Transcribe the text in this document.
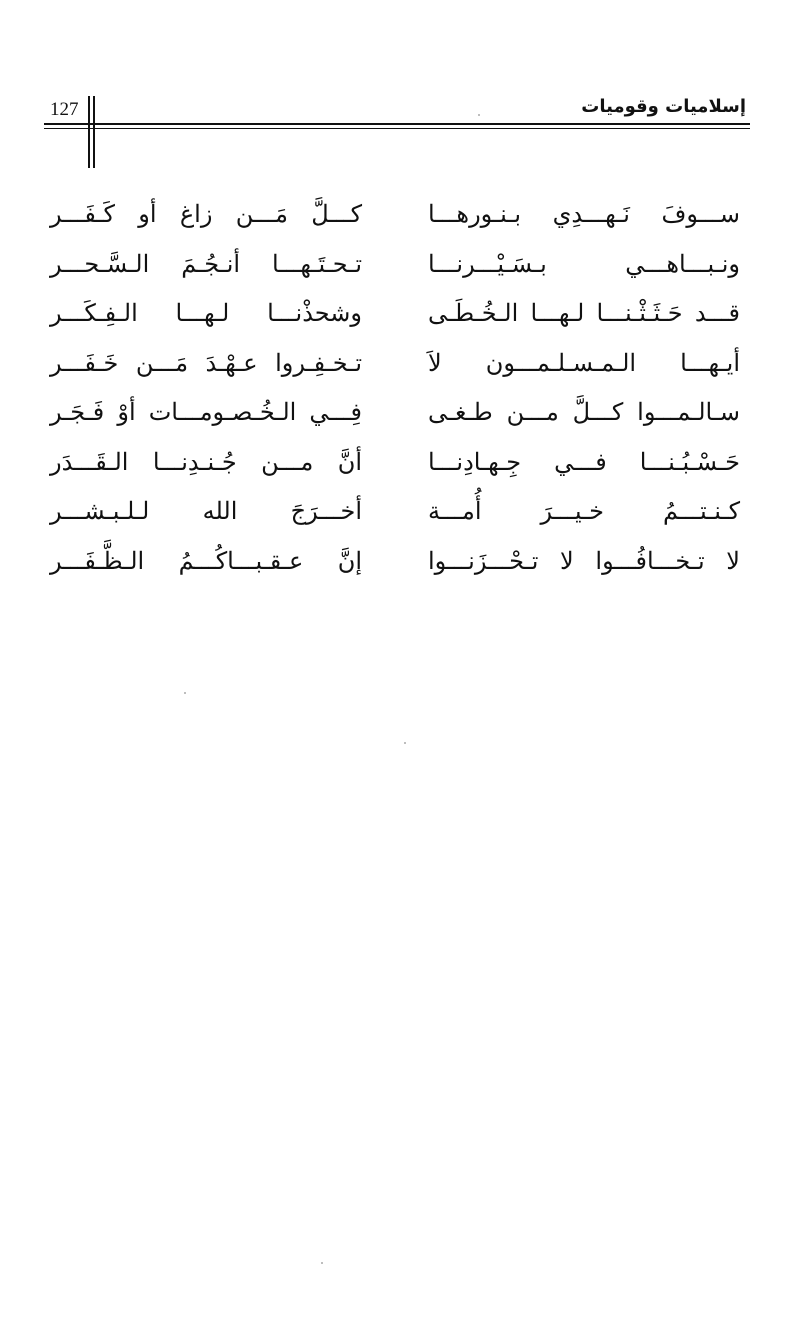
127	إسلاميات وقوميات
ســـوفَ نَـهـــدِي بـنـورهـــا
كـــلَّ مَـــن زاغ أو كَـفَـــر
ونـبـــاهـــي بـسَـيْـــرنـــا
تـحـتَـهـــا أنـجُـمَ الـسَّـحـــر
قـــد حَـثَـثْـنـــا لـهـــا الـخُـطَـى
وشحذْنـــا لـهـــا الـفِـكَـــر
أيـهـــا الـمـسـلـمـــون لاَ
تـخـفِـروا عـهْـدَ مَـــن خَـفَـــر
سـالـمـــوا كـــلَّ مـــن طـغـى
فِـــي الـخُـصـومـــات أوْ فَـجَـر
حَـسْـبُـنـــا فـــي جِـهـادِنـــا
أنَّ مـــن جُـنـدِنـــا الـقَـــدَر
كـنـتـــمُ خـيـــرَ أُمـــة
أخـــرَجَ الله لـلـبـشـــر
لا تـخـــافُـــوا لا تـحْـــزَنـــوا
إنَّ عـقـبـــاكُـــمُ الـظَّـفَـــر
